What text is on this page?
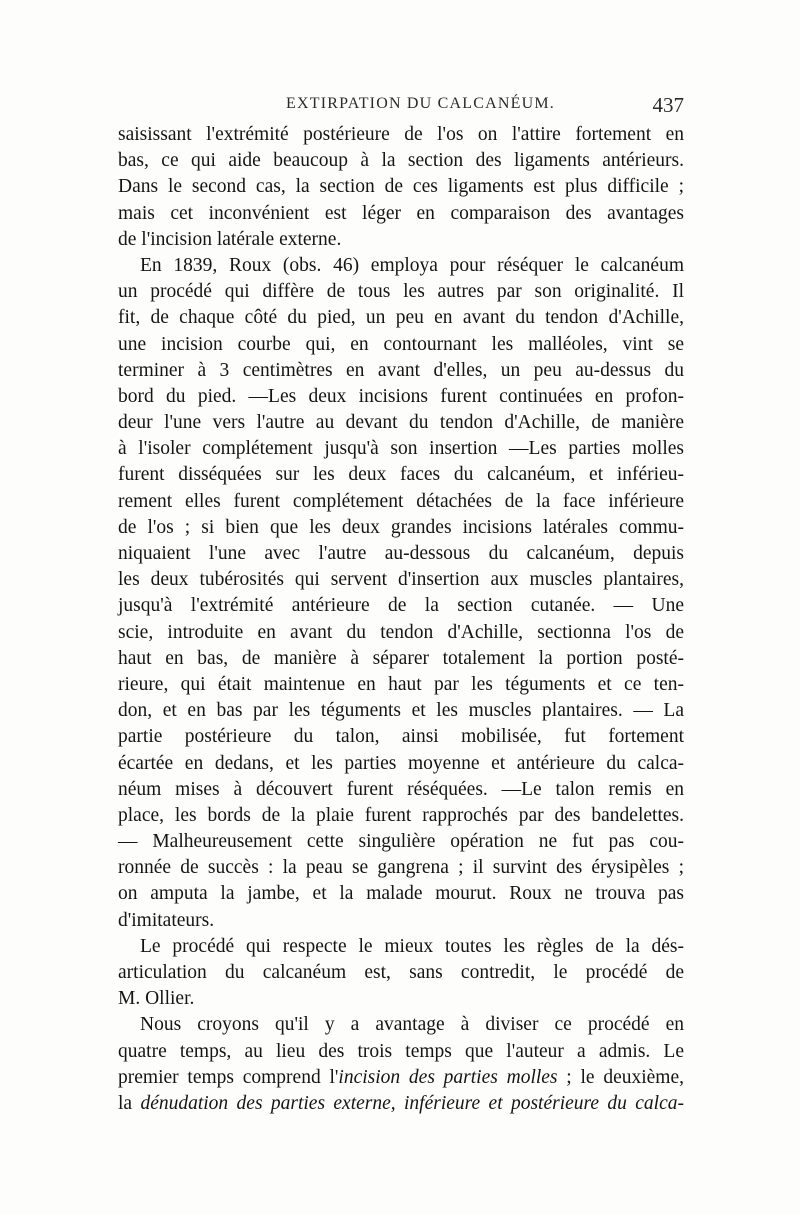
EXTIRPATION DU CALCANÉUM.	437
saisissant l'extrémité postérieure de l'os on l'attire fortement en
bas, ce qui aide beaucoup à la section des ligaments antérieurs.
Dans le second cas, la section de ces ligaments est plus difficile ;
mais cet inconvénient est léger en comparaison des avantages
de l'incision latérale externe.
En 1839, Roux (obs. 46) employa pour réséquer le calcanéum
un procédé qui diffère de tous les autres par son originalité. Il
fit, de chaque côté du pied, un peu en avant du tendon d'Achille,
une incision courbe qui, en contournant les malléoles, vint se
terminer à 3 centimètres en avant d'elles, un peu au-dessus du
bord du pied. —Les deux incisions furent continuées en profon-
deur l'une vers l'autre au devant du tendon d'Achille, de manière
à l'isoler complétement jusqu'à son insertion —Les parties molles
furent disséquées sur les deux faces du calcanéum, et inférieu-
rement elles furent complétement détachées de la face inférieure
de l'os ; si bien que les deux grandes incisions latérales commu-
niquaient l'une avec l'autre au-dessous du calcanéum, depuis
les deux tubérosités qui servent d'insertion aux muscles plantaires,
jusqu'à l'extrémité antérieure de la section cutanée. — Une
scie, introduite en avant du tendon d'Achille, sectionna l'os de
haut en bas, de manière à séparer totalement la portion posté-
rieure, qui était maintenue en haut par les téguments et ce ten-
don, et en bas par les téguments et les muscles plantaires. — La
partie postérieure du talon, ainsi mobilisée, fut fortement
écartée en dedans, et les parties moyenne et antérieure du calca-
néum mises à découvert furent réséquées. —Le talon remis en
place, les bords de la plaie furent rapprochés par des bandelettes.
— Malheureusement cette singulière opération ne fut pas cou-
ronnée de succès : la peau se gangrena ; il survint des érysipèles ;
on amputa la jambe, et la malade mourut. Roux ne trouva pas
d'imitateurs.
Le procédé qui respecte le mieux toutes les règles de la dés-
articulation du calcanéum est, sans contredit, le procédé de
M. Ollier.
Nous croyons qu'il y a avantage à diviser ce procédé en
quatre temps, au lieu des trois temps que l'auteur a admis. Le
premier temps comprend l'incision des parties molles ; le deuxième,
la dénudation des parties externe, inférieure et postérieure du calca-
